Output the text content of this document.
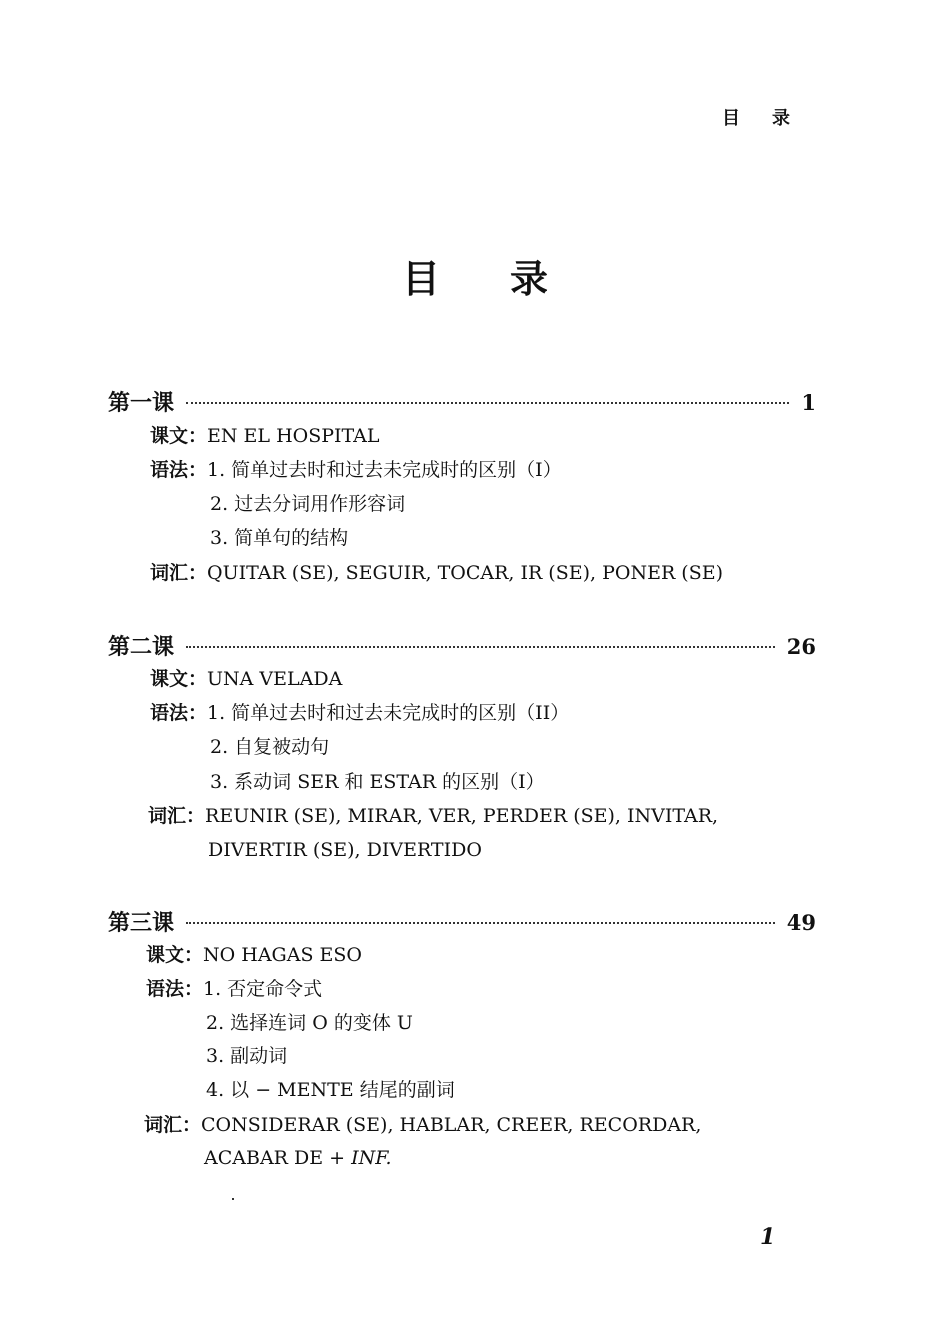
目 录
目 录
第一课	1
课文：EN EL HOSPITAL
语法：1. 简单过去时和过去未完成时的区别（I）
2. 过去分词用作形容词
3. 简单句的结构
词汇：QUITAR (SE), SEGUIR, TOCAR, IR (SE), PONER (SE)
第二课	26
课文：UNA VELADA
语法：1. 简单过去时和过去未完成时的区别（II）
2. 自复被动句
3. 系动词 SER 和 ESTAR 的区别（I）
词汇：REUNIR (SE), MIRAR, VER, PERDER (SE), INVITAR,
DIVERTIR (SE), DIVERTIDO
第三课	49
课文：NO HAGAS ESO
语法：1. 否定命令式
2. 选择连词 O 的变体 U
3. 副动词
4. 以 − MENTE 结尾的副词
词汇：CONSIDERAR (SE), HABLAR, CREER, RECORDAR,
ACABAR DE + INF.
1
